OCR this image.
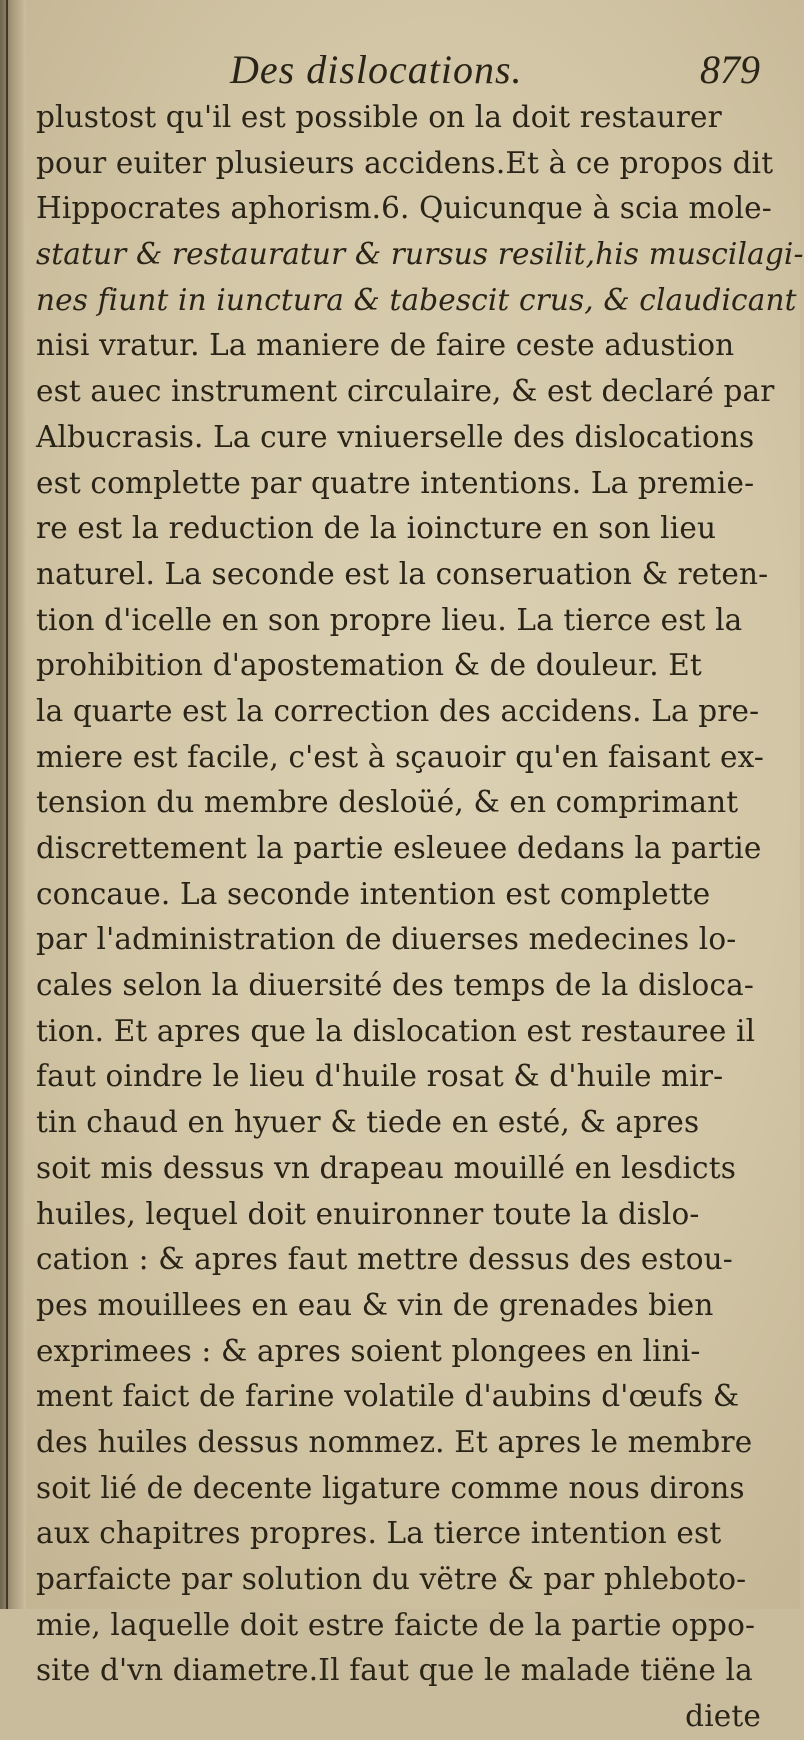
Des dislocations.	879
plustost qu'il est possible on la doit restaurer
pour euiter plusieurs accidens.Et à ce propos dit
Hippocrates aphorism.6. Quicunque à scia mole-
statur & restauratur & rursus resilit,his muscilagi-
nes fiunt in iunctura & tabescit crus, & claudicant
nisi vratur. La maniere de faire ceste adustion
est auec instrument circulaire, & est declaré par
Albucrasis. La cure vniuerselle des dislocations
est complette par quatre intentions. La premie-
re est la reduction de la ioincture en son lieu
naturel. La seconde est la conseruation & reten-
tion d'icelle en son propre lieu. La tierce est la
prohibition d'apostemation & de douleur. Et
la quarte est la correction des accidens. La pre-
miere est facile, c'est à sçauoir qu'en faisant ex-
tension du membre desloüé, & en comprimant
discrettement la partie esleuee dedans la partie
concaue. La seconde intention est complette
par l'administration de diuerses medecines lo-
cales selon la diuersité des temps de la disloca-
tion. Et apres que la dislocation est restauree il
faut oindre le lieu d'huile rosat & d'huile mir-
tin chaud en hyuer & tiede en esté, & apres
soit mis dessus vn drapeau mouillé en lesdicts
huiles, lequel doit enuironner toute la dislo-
cation : & apres faut mettre dessus des estou-
pes mouillees en eau & vin de grenades bien
exprimees : & apres soient plongees en lini-
ment faict de farine volatile d'aubins d'œufs &
des huiles dessus nommez. Et apres le membre
soit lié de decente ligature comme nous dirons
aux chapitres propres. La tierce intention est
parfaicte par solution du vëtre & par phleboto-
mie, laquelle doit estre faicte de la partie oppo-
site d'vn diametre.Il faut que le malade tiëne la
diete
